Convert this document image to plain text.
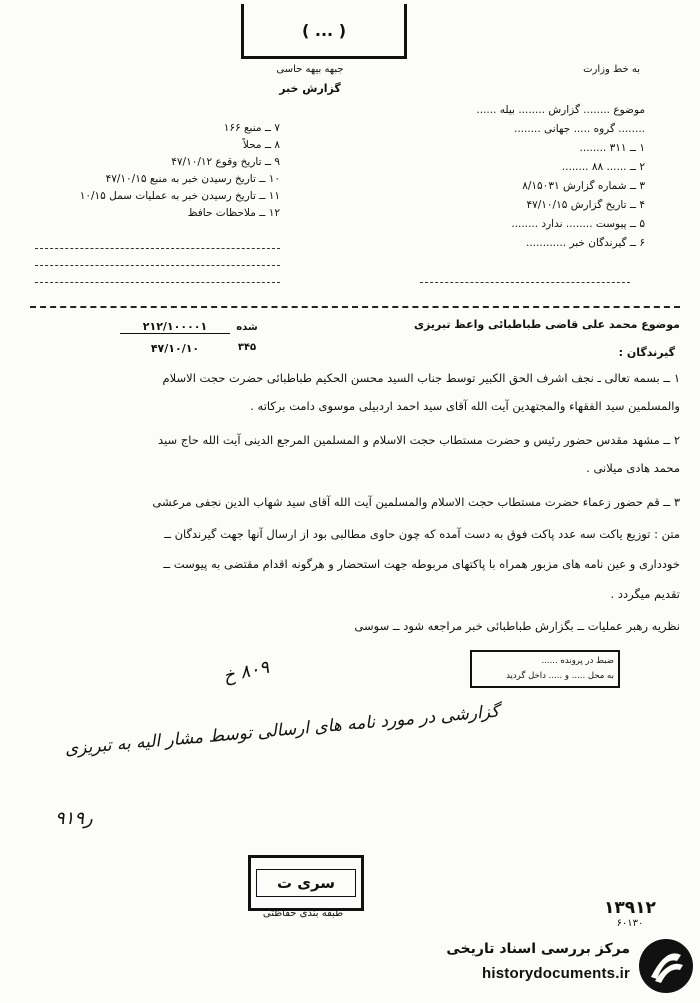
( ... )
جبهه بیهه حاسی
گزارش خبر
به خط وزارت
موضوع ........ گزارش ........ بیله ......
........ گروه ..... جهانی ........
۱ ــ ۳۱۱ ........
۲ ــ ...... ۸۸ ........
۳ ــ شماره گزارش ۸/۱۵۰۳۱
۴ ــ تاریخ گزارش ۴۷/۱۰/۱۵
۵ ــ پیوست ........ ندارد ........
۶ ــ گیرندگان خبر ............
۷ ــ منبع ۱۶۶
۸ ــ محلاً
۹ ــ تاریخ وقوع ۴۷/۱۰/۱۲
۱۰ ــ تاریخ رسیدن خبر به منبع ۴۷/۱۰/۱۵
۱۱ ــ تاریخ رسیدن خبر به عملیات سمل ۱۰/۱۵
۱۲ ــ ملاحظات حافظ
موضوع محمد علی قاضی طباطبائی واعظ تبریزی
۲۱۲/۱۰۰۰۰۱
۴۷/۱۰/۱۰
شده
۳۴۵	گیرندگان :
۱ ــ بسمه تعالی ـ نجف اشرف الحق الکبیر توسط جناب السید محسن الحکیم طباطبائی حضرت حجت الاسلام
والمسلمین سید الفقهاء والمجتهدین آیت الله آقای سید احمد اردبیلی موسوی دامت برکاته .
۲ ــ مشهد مقدس حضور رئیس و حضرت مستطاب حجت الاسلام و المسلمین المرجع الدینی آیت الله حاج سید
محمد هادی میلانی .
۳ ــ قم حضور زعماء حضرت مستطاب حجت الاسلام والمسلمین آیت الله آقای سید شهاب الدین نجفی مرعشی
متن : توزیع یاکت سه عدد پاکت فوق به دست آمده که چون حاوی مطالبی بود از ارسال آنها جهت گیرندگان ــ
خودداری و عین نامه های مزبور همراه با پاکتهای مربوطه جهت استحضار و هرگونه اقدام مقتضی به پیوست ــ
تقدیم میگردد .
نظریه رهبر عملیات ــ بگزارش طباطبائی خبر مراجعه شود ــ سوسی
ضبط در پرونده ......
به محل ..... و ..... داخل گردید
۸۰۹ خ
گزارشی در مورد نامه های ارسالی توسط مشار الیه به تبریزی
۹ر۱۹
سری ت
طبقه بندی حفاظتی	۱۳۹۱۲
۶۰۱۳۰
مرکز بررسی اسناد تاریخی
historydocuments.ir
